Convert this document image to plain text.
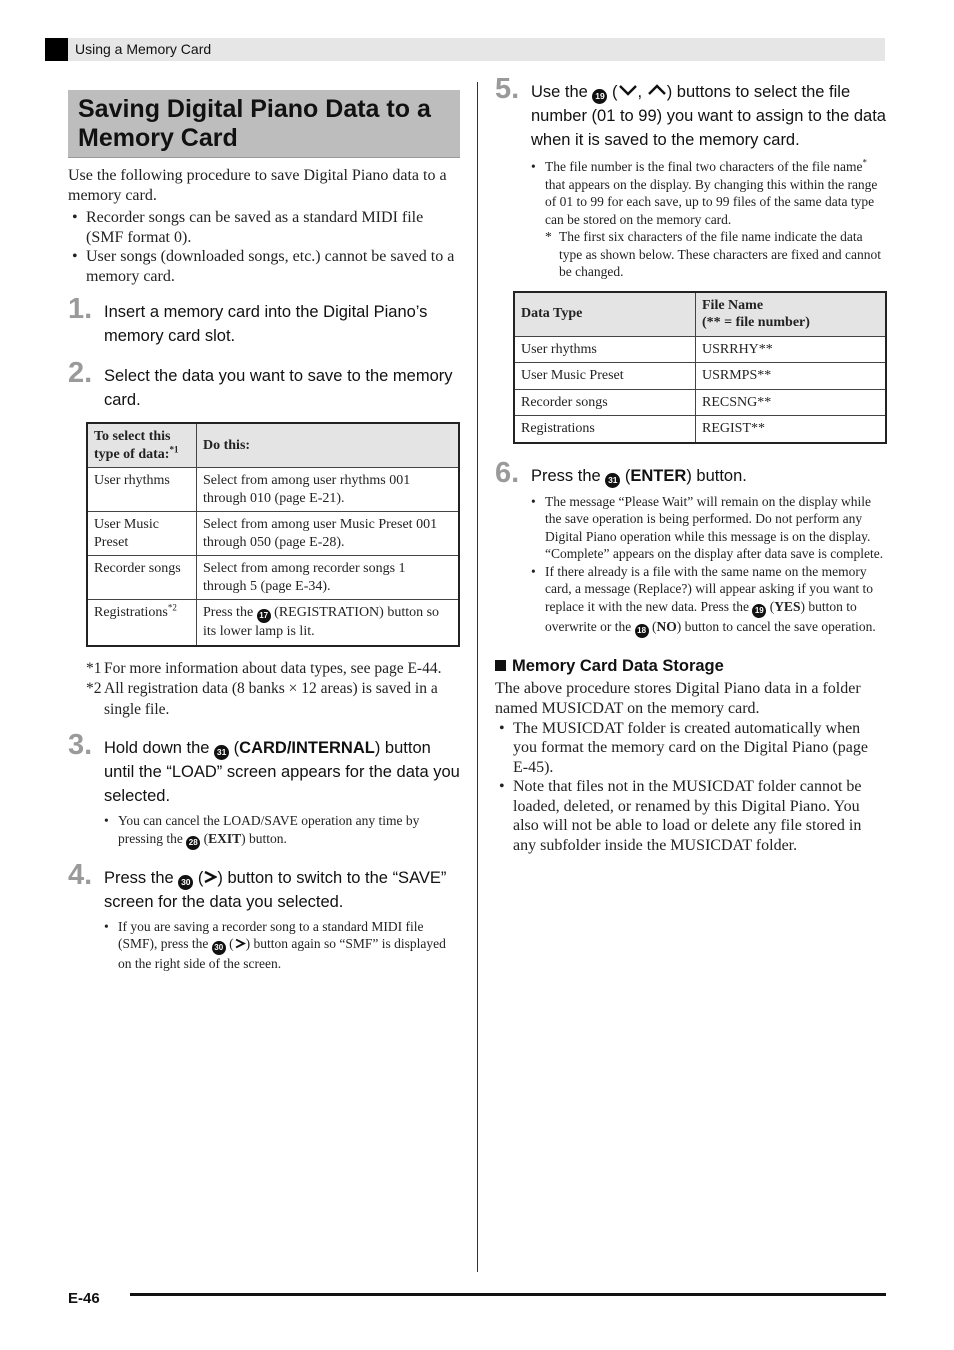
Using a Memory Card
Saving Digital Piano Data to a Memory Card

Use the following procedure to save Digital Piano data to a memory card.

• Recorder songs can be saved as a standard MIDI file (SMF format 0).
• User songs (downloaded songs, etc.) cannot be saved to a memory card.
1. Insert a memory card into the Digital Piano’s memory card slot.
2. Select the data you want to save to the memory card.
To select this type of data:$^{*1}$	Do this:
User rhythms	Select from among user rhythms 001 through 010 (page E-21).
User Music Preset	Select from among user Music Preset 001 through 050 (page E-28).
Recorder songs	Select from among recorder songs 1 through 5 (page E-34).
Registrations$^{*2}$	Press the 17 (REGISTRATION) button so its lower lamp is lit.
*1 For more information about data types, see page E-44.
*2 All registration data (8 banks × 12 areas) is saved in a single file.
3. Hold down the 31 (CARD/INTERNAL) button until the “LOAD” screen appears for the data you selected.
• You can cancel the LOAD/SAVE operation any time by pressing the 28 (EXIT) button.
4. Press the 30 ( ) button to switch to the “SAVE” screen for the data you selected.
• If you are saving a recorder song to a standard MIDI file (SMF), press the 30 ( ) button again so “SMF” is displayed on the right side of the screen.
5. Use the 19 ( , ) buttons to select the file number (01 to 99) you want to assign to the data when it is saved to the memory card.
• The file number is the final two characters of the file name* that appears on the display. By changing this within the range of 01 to 99 for each save, up to 99 files of the same data type can be stored on the memory card.
* The first six characters of the file name indicate the data type as shown below. These characters are fixed and cannot be changed.
Data Type	File Name
(** = file number)
User rhythms	USRRHY**
User Music Preset	USRMPS**
Recorder songs	RECSNG**
Registrations	REGIST**
6. Press the 31 (ENTER) button.
• The message “Please Wait” will remain on the display while the save operation is being performed. Do not perform any Digital Piano operation while this message is on the display. “Complete” appears on the display after data save is complete.
• If there already is a file with the same name on the memory card, a message (Replace?) will appear asking if you want to replace it with the new data. Press the 19 (YES) button to overwrite or the 18 (NO) button to cancel the save operation.
Memory Card Data Storage

The above procedure stores Digital Piano data in a folder named MUSICDAT on the memory card.

• The MUSICDAT folder is created automatically when you format the memory card on the Digital Piano (page E-45).
• Note that files not in the MUSICDAT folder cannot be loaded, deleted, or renamed by this Digital Piano. You also will not be able to load or delete any file stored in any subfolder inside the MUSICDAT folder.
E-46
